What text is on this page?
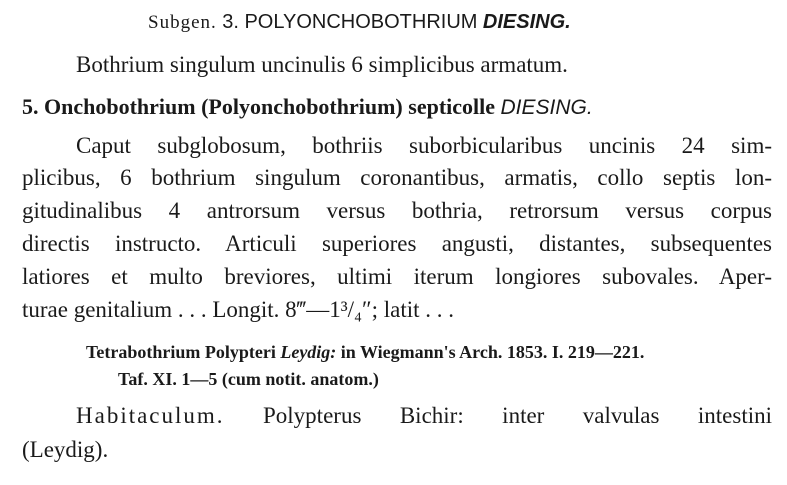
Subgen. 3. POLYONCHOBOTHRIUM DIESING.
Bothrium singulum uncinulis 6 simplicibus armatum.
5. Onchobothrium (Polyonchobothrium) septicolle DIESING.
Caput subglobosum, bothriis suborbicularibus uncinis 24 sim-
plicibus, 6 bothrium singulum coronantibus, armatis, collo septis lon-
gitudinalibus 4 antrorsum versus bothria, retrorsum versus corpus
directis instructo. Articuli superiores angusti, distantes, subsequentes
latiores et multo breviores, ultimi iterum longiores subovales. Aper-
turae genitalium . . . Longit. 8‴—1³/₄″; latit . . .
Tetrabothrium Polypteri Leydig: in Wiegmann's Arch. 1853. I. 219—221.
Taf. XI. 1—5 (cum notit. anatom.)
Habitaculum. Polypterus Bichir: inter valvulas intestini
(Leydig).
